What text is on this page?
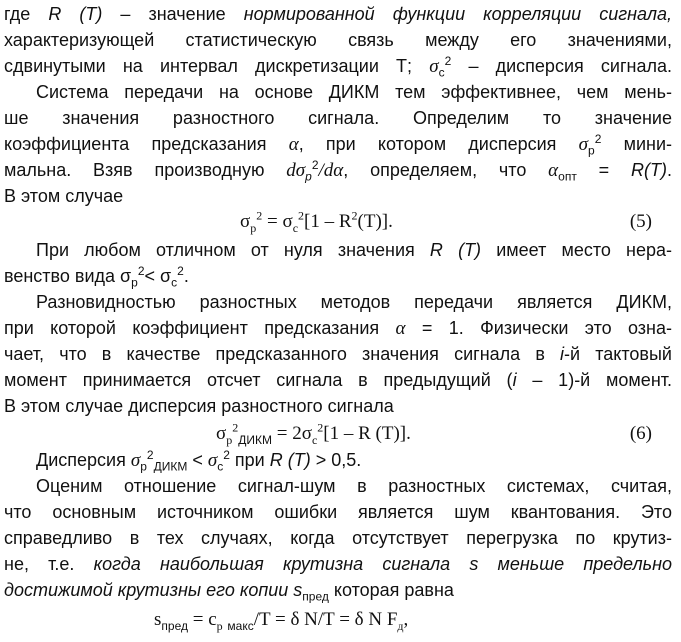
где R (T) – значение нормированной функции корреляции сигнала,
характеризующей статистическую связь между его значениями,
сдвинутыми на интервал дискретизации Т; $\sigma_c^2$ – дисперсия сигнала.
Система передачи на основе ДИКМ тем эффективнее, чем мень-
ше значения разностного сигнала. Определим то значение
коэффициента предсказания α, при котором дисперсия $\sigma_p^2$ мини-
мальна. Взяв производную $d\sigma_p^2/d\alpha$, определяем, что $\alpha_{опт} = R(T)$.
В этом случае
$\sigma_p^2 = \sigma_c^2[1 - R^2(T)]$.	(5)
При любом отличном от нуля значения R (T) имеет место нера-
венство вида $\sigma_p^2< \sigma_c^2$.
Разновидностью разностных методов передачи является ДИКМ,
при которой коэффициент предсказания α = 1. Физически это озна-
чает, что в качестве предсказанного значения сигнала в i-й тактовый
момент принимается отсчет сигнала в предыдущий (i – 1)-й момент.
В этом случае дисперсия разностного сигнала
$\sigma_p^2_{ДИКМ} = 2\sigma_c^2[1 - R$ (T)].	(6)
Дисперсия $\sigma_p^2_{ДИКМ} < \sigma_c^2$ при R (T) > 0,5.
Оценим отношение сигнал-шум в разностных системах, считая,
что основным источником ошибки является шум квантования. Это
справедливо в тех случаях, когда отсутствует перегрузка по крутиз-
не, т.е. когда наибольшая крутизна сигнала s меньше предельно
достижимой крутизны его копии $s_{пред}$ которая равна
$s_{пред} = c_р$ $_{макс}$/T = δ N/T = δ N $F_д$,
